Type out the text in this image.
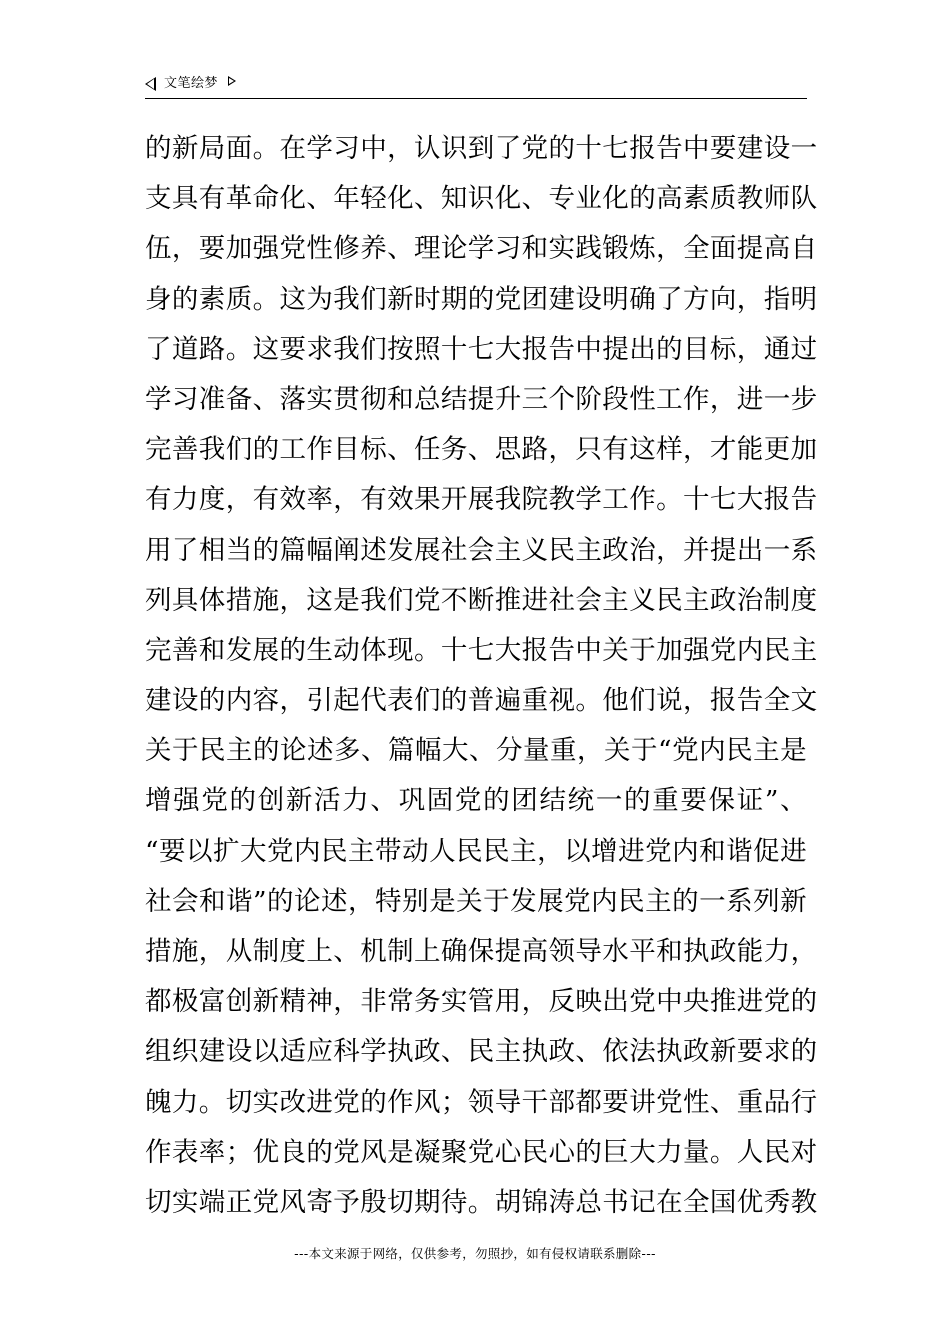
文笔绘梦
的新局面。在学习中，认识到了党的十七报告中要建设一
支具有革命化、年轻化、知识化、专业化的高素质教师队
伍，要加强党性修养、理论学习和实践锻炼，全面提高自
身的素质。这为我们新时期的党团建设明确了方向，指明
了道路。这要求我们按照十七大报告中提出的目标，通过
学习准备、落实贯彻和总结提升三个阶段性工作，进一步
完善我们的工作目标、任务、思路，只有这样，才能更加
有力度，有效率，有效果开展我院教学工作。十七大报告
用了相当的篇幅阐述发展社会主义民主政治，并提出一系
列具体措施，这是我们党不断推进社会主义民主政治制度
完善和发展的生动体现。十七大报告中关于加强党内民主
建设的内容，引起代表们的普遍重视。他们说，报告全文
关于民主的论述多、篇幅大、分量重，关于“党内民主是
增强党的创新活力、巩固党的团结统一的重要保证”、
“要以扩大党内民主带动人民民主，以增进党内和谐促进
社会和谐”的论述，特别是关于发展党内民主的一系列新
措施，从制度上、机制上确保提高领导水平和执政能力，
都极富创新精神，非常务实管用，反映出党中央推进党的
组织建设以适应科学执政、民主执政、依法执政新要求的
魄力。切实改进党的作风；领导干部都要讲党性、重品行
作表率；优良的党风是凝聚党心民心的巨大力量。人民对
切实端正党风寄予殷切期待。胡锦涛总书记在全国优秀教
---本文来源于网络，仅供参考，勿照抄，如有侵权请联系删除---
